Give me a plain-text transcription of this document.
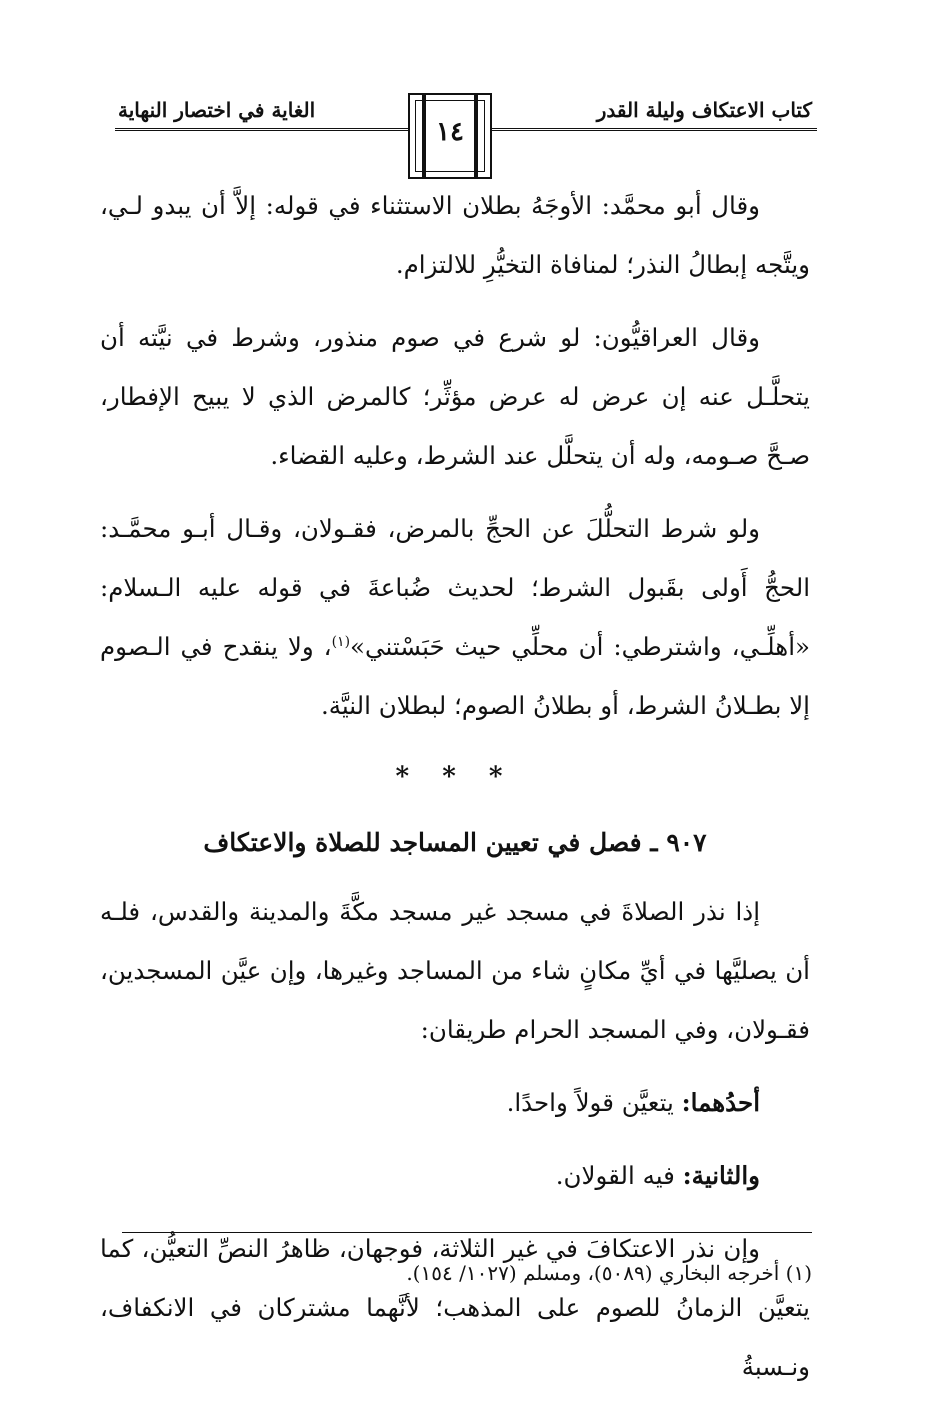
كتاب الاعتكاف وليلة القدر
الغاية في اختصار النهاية
١٤

وقال أبو محمَّد: الأوجَهُ بطلان الاستثناء في قوله: إلاَّ أن يبدو لـي، ويتَّجه إبطالُ النذر؛ لمنافاة التخيُّرِ للالتزام.

وقال العراقيُّون: لو شرع في صوم منذور، وشرط في نيَّته أن يتحلَّـل عنه إن عرض له عرض مؤثِّر؛ كالمرض الذي لا يبيح الإفطار، صـحَّ صـومه، وله أن يتحلَّل عند الشرط، وعليه القضاء.

ولو شرط التحلُّلَ عن الحجِّ بالمرض، فقـولان، وقـال أبـو محمَّـد: الحجُّ أَولى بقَبول الشرط؛ لحديث ضُباعةَ في قوله عليه الـسلام: «أهلِّـي، واشترطي: أن محلِّي حيث حَبَسْتني»$^{(١)}$، ولا ينقدح في الـصوم إلا بطـلانُ الشرط، أو بطلانُ الصوم؛ لبطلان النيَّة.

* * *
٩٠٧ ـ فصل في تعيين المساجد للصلاة والاعتكاف

إذا نذر الصلاةَ في مسجد غير مسجد مكَّةَ والمدينة والقدس، فلـه أن يصليَّها في أيِّ مكانٍ شاء من المساجد وغيرها، وإن عيَّن المسجدين، فقـولان، وفي المسجد الحرام طريقان:

أحدُهما: يتعيَّن قولاً واحدًا.

والثانية: فيه القولان.

وإن نذر الاعتكافَ في غير الثلاثة، فوجهان، ظاهرُ النصِّ التعيُّن، كما يتعيَّن الزمانُ للصوم على المذهب؛ لأنَّهما مشتركان في الانكفاف، ونـسبةُ

(١) أخرجه البخاري (٥٠٨٩)، ومسلم (١٠٢٧/ ١٥٤).
